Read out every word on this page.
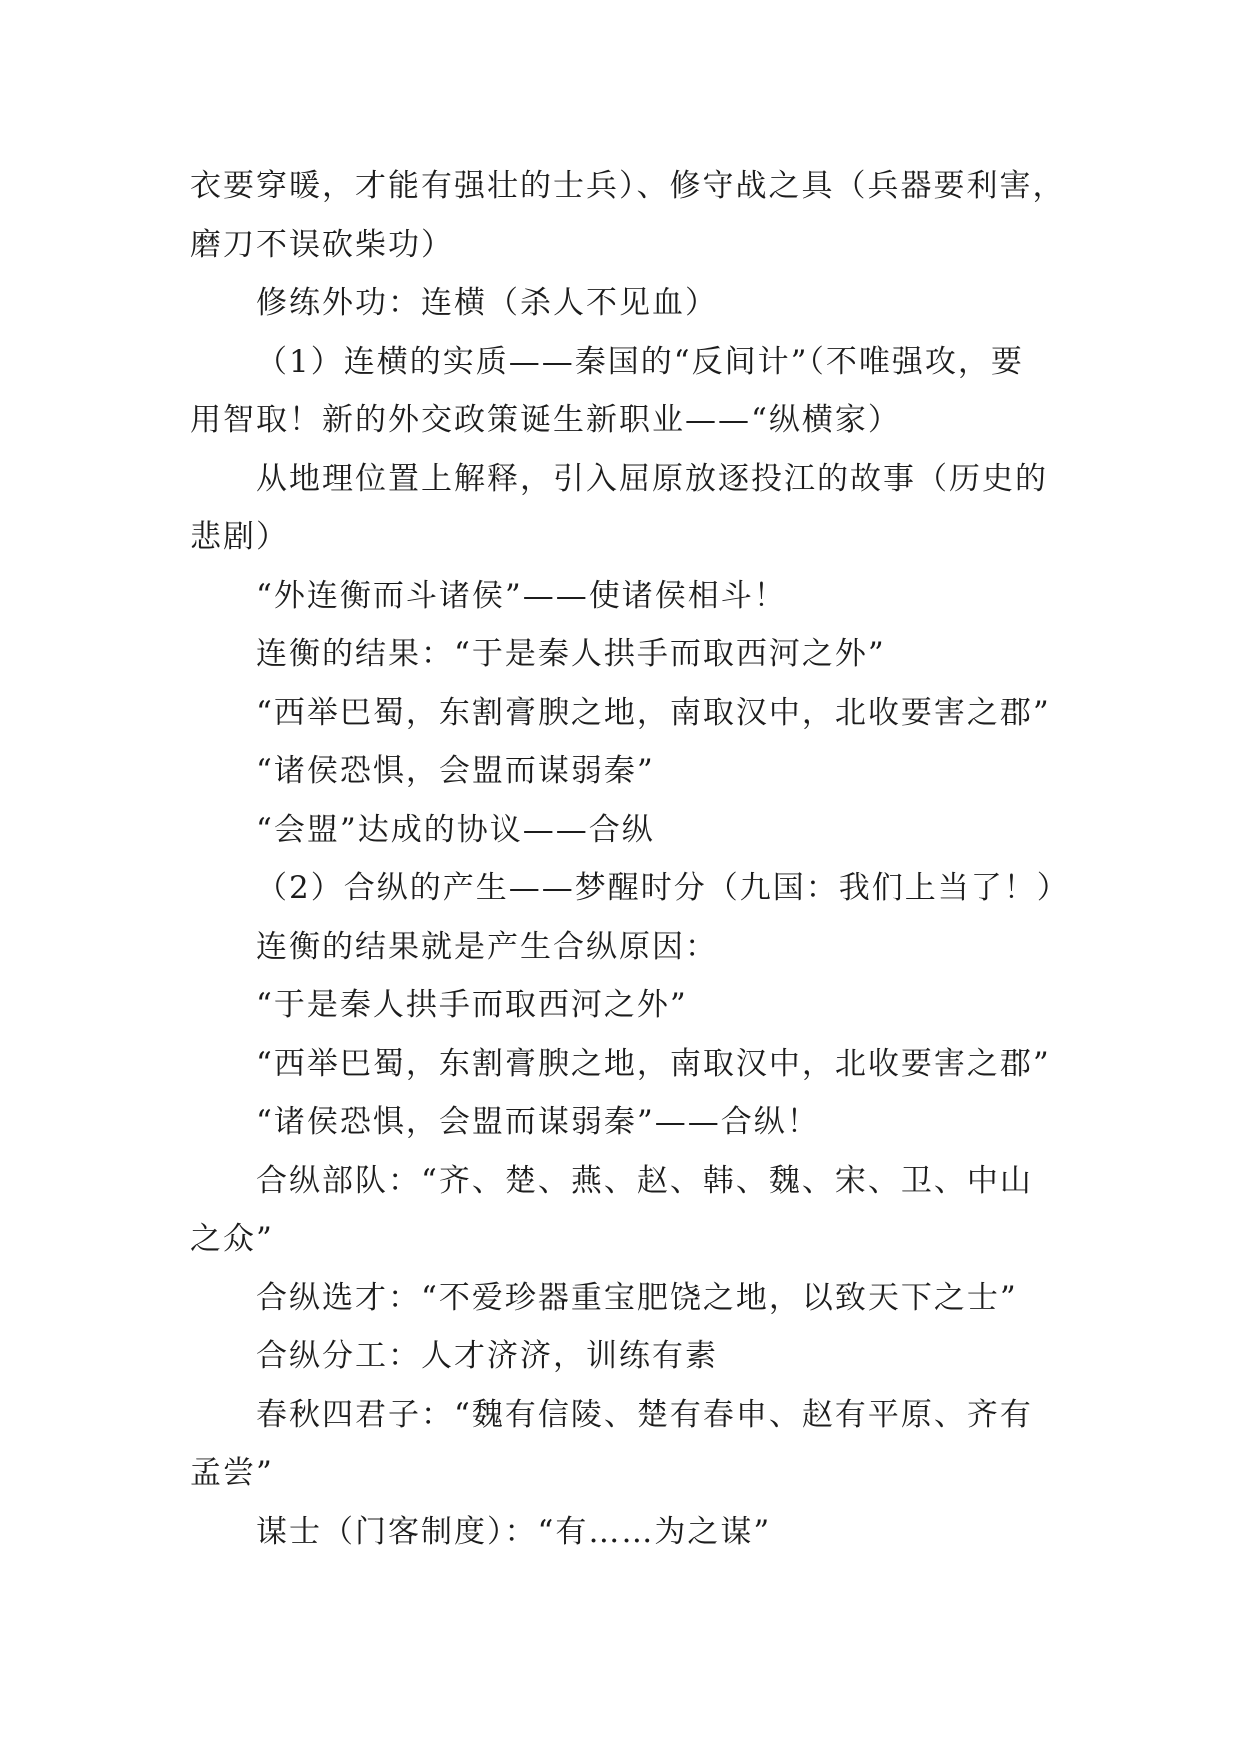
衣要穿暖，才能有强壮的士兵）、修守战之具（兵器要利害，
磨刀不误砍柴功）
修练外功：连横（杀人不见血）
（1）连横的实质——秦国的“反间计”（不唯强攻，要
用智取！新的外交政策诞生新职业——“纵横家）
从地理位置上解释，引入屈原放逐投江的故事（历史的
悲剧）
“外连衡而斗诸侯”——使诸侯相斗！
连衡的结果：“于是秦人拱手而取西河之外”
“西举巴蜀，东割膏腴之地，南取汉中，北收要害之郡”
“诸侯恐惧，会盟而谋弱秦”
“会盟”达成的协议——合纵
（2）合纵的产生——梦醒时分（九国：我们上当了！）
连衡的结果就是产生合纵原因：
“于是秦人拱手而取西河之外”
“西举巴蜀，东割膏腴之地，南取汉中，北收要害之郡”
“诸侯恐惧，会盟而谋弱秦”——合纵！
合纵部队：“齐、楚、燕、赵、韩、魏、宋、卫、中山
之众”
合纵选才：“不爱珍器重宝肥饶之地，以致天下之士”
合纵分工：人才济济，训练有素
春秋四君子：“魏有信陵、楚有春申、赵有平原、齐有
孟尝”
谋士（门客制度）：“有……为之谋”
